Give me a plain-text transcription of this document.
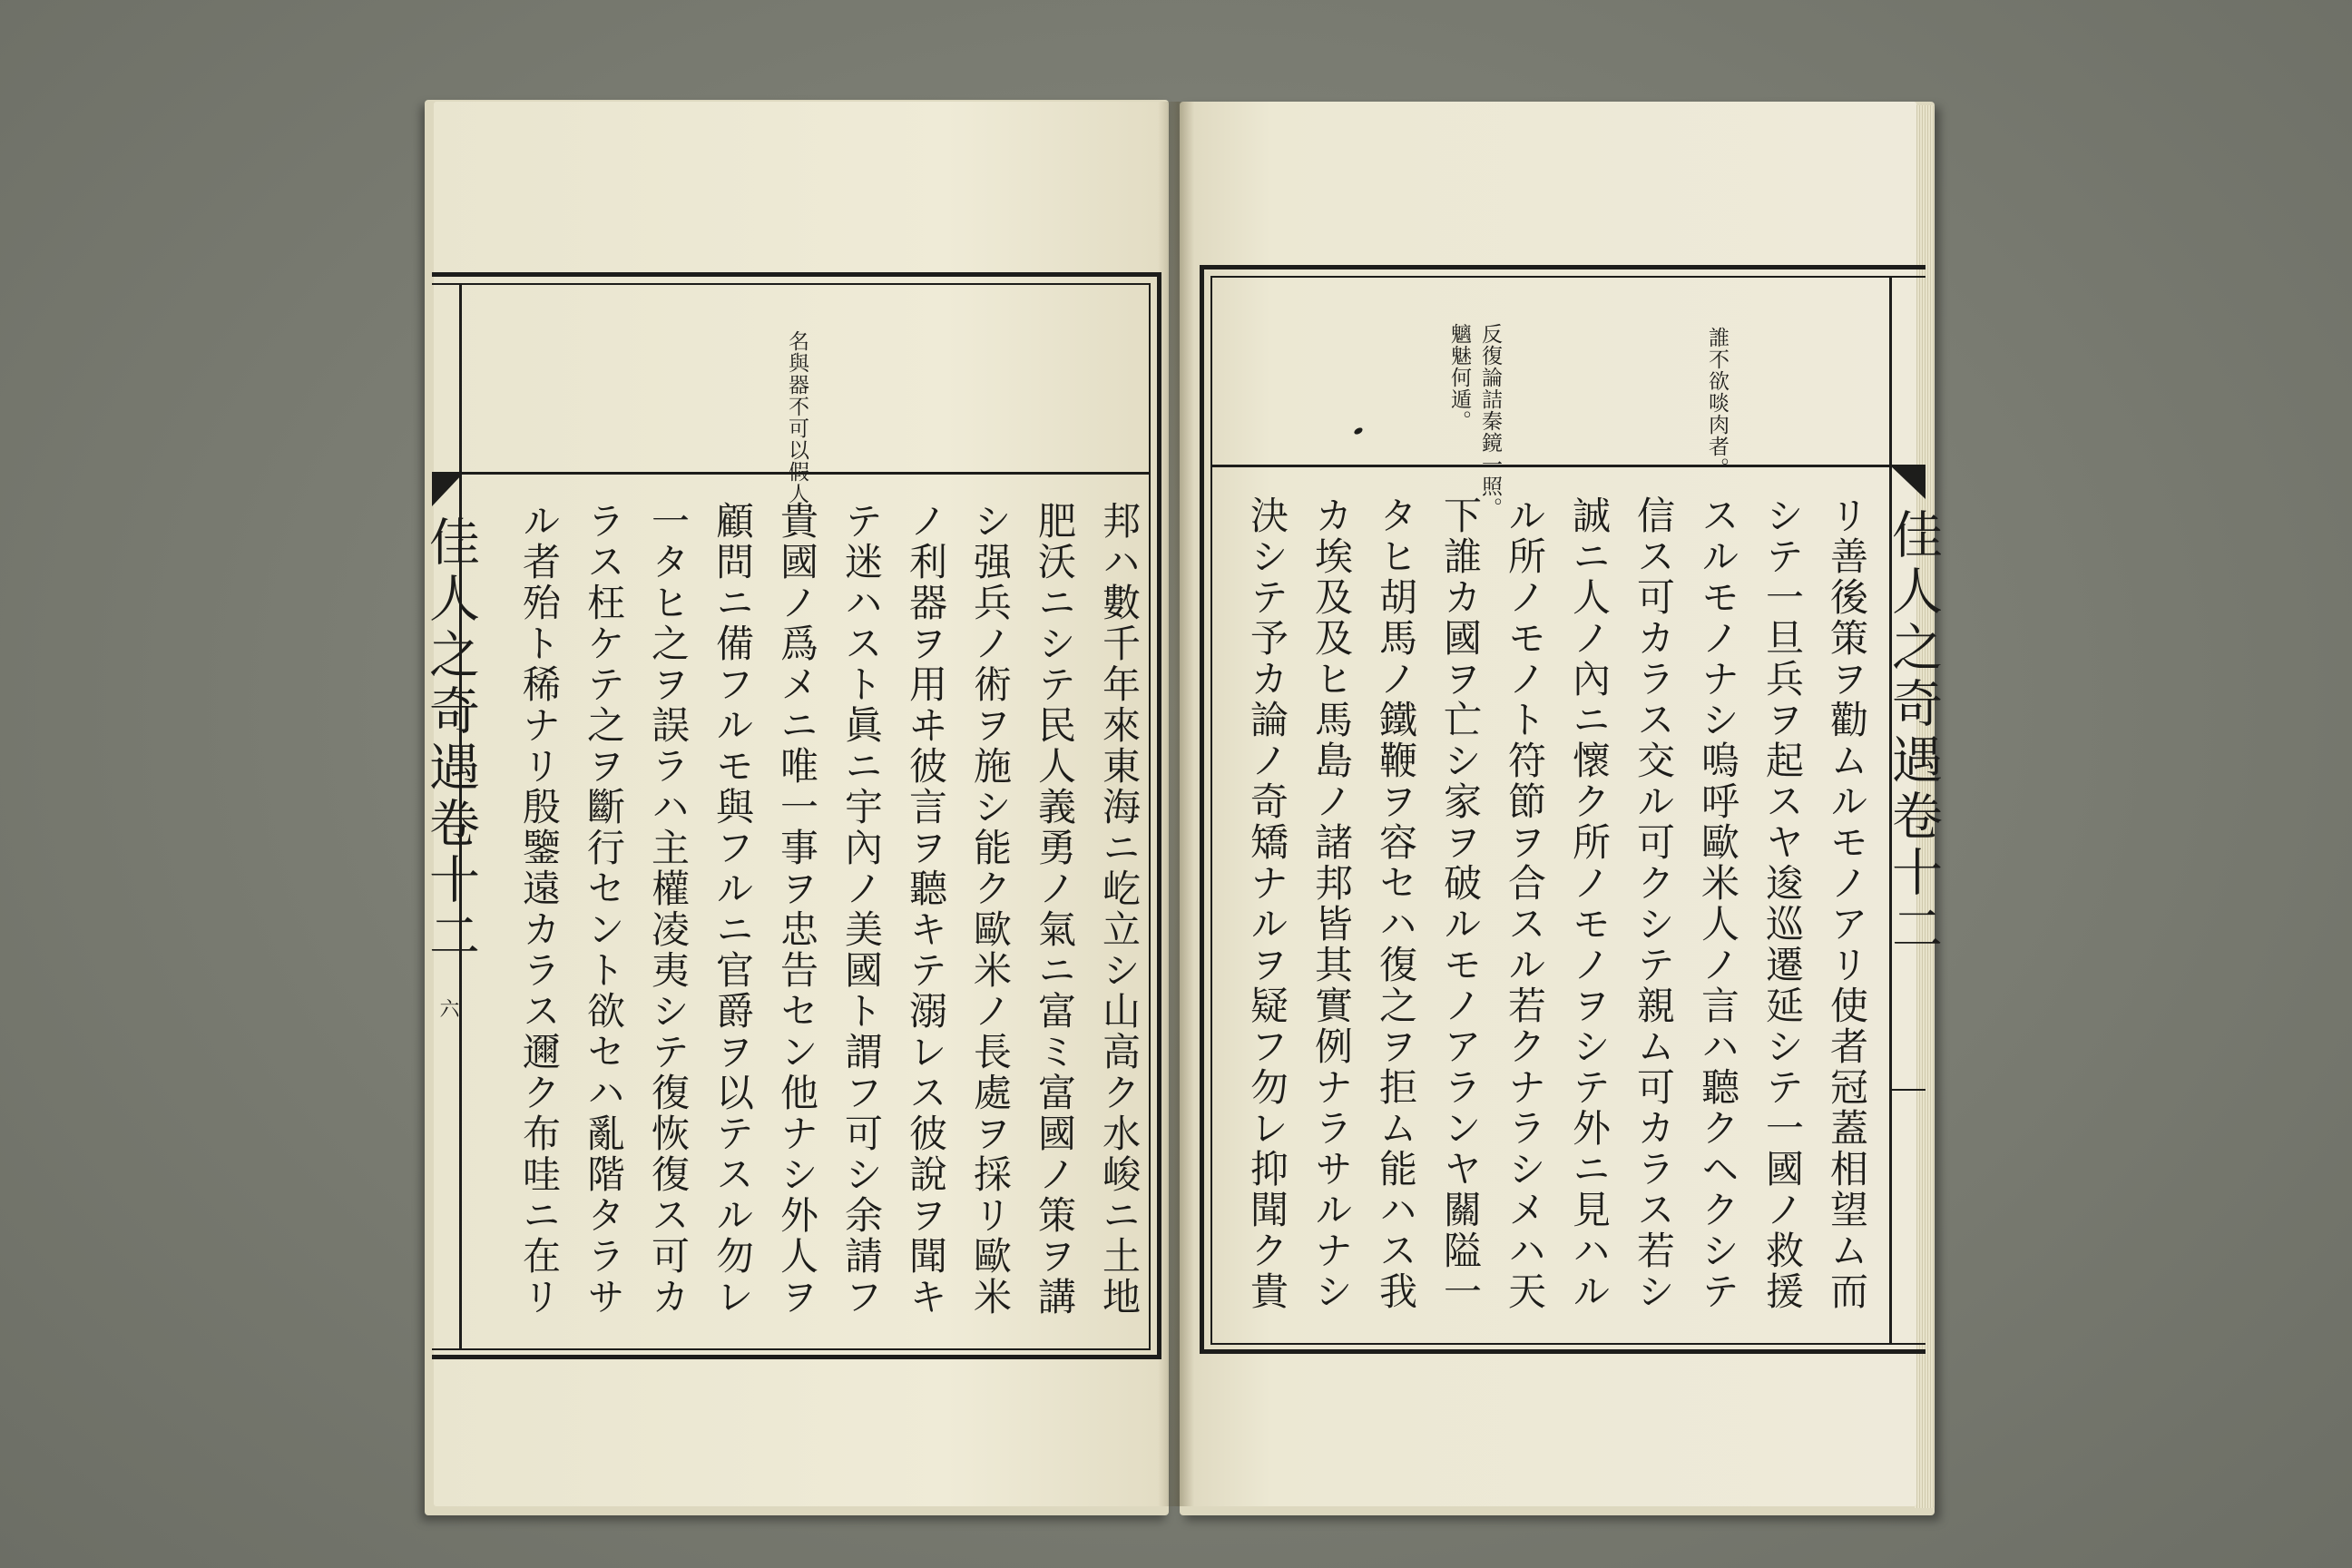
佳人之奇遇卷十二
六
佳人之奇遇卷十二
名與器不可以假人	誰不欲啖肉者。
反復論詰秦鏡一照。
魑魅何遁。
邦ハ數千年來東海ニ屹立シ山高ク水峻ニ土地
肥沃ニシテ民人義勇ノ氣ニ富ミ富國ノ策ヲ講
シ强兵ノ術ヲ施シ能ク歐米ノ長處ヲ採リ歐米
ノ利器ヲ用ヰ彼言ヲ聽キテ溺レス彼說ヲ聞キ
テ迷ハスト眞ニ宇內ノ美國ト謂フ可シ余請フ
貴國ノ爲メニ唯一事ヲ忠告セン他ナシ外人ヲ
顧問ニ備フルモ與フルニ官爵ヲ以テスル勿レ
一タヒ之ヲ誤ラハ主權凌夷シテ復恢復ス可カ
ラス枉ケテ之ヲ斷行セント欲セハ亂階タラサ
ル者殆ト稀ナリ殷鑒遠カラス邇ク布哇ニ在リ	リ善後策ヲ勸ムルモノアリ使者冠蓋相望ム而
シテ一旦兵ヲ起スヤ逡巡遷延シテ一國ノ救援
スルモノナシ嗚呼歐米人ノ言ハ聽クヘクシテ
信ス可カラス交ル可クシテ親ム可カラス若シ
誠ニ人ノ內ニ懷ク所ノモノヲシテ外ニ見ハル
ル所ノモノト符節ヲ合スル若クナラシメハ天
下誰カ國ヲ亡シ家ヲ破ルモノアランヤ關隘一
タヒ胡馬ノ鐵鞭ヲ容セハ復之ヲ拒ム能ハス我
カ埃及及ヒ馬島ノ諸邦皆其實例ナラサルナシ
決シテ予カ論ノ奇矯ナルヲ疑フ勿レ抑聞ク貴
